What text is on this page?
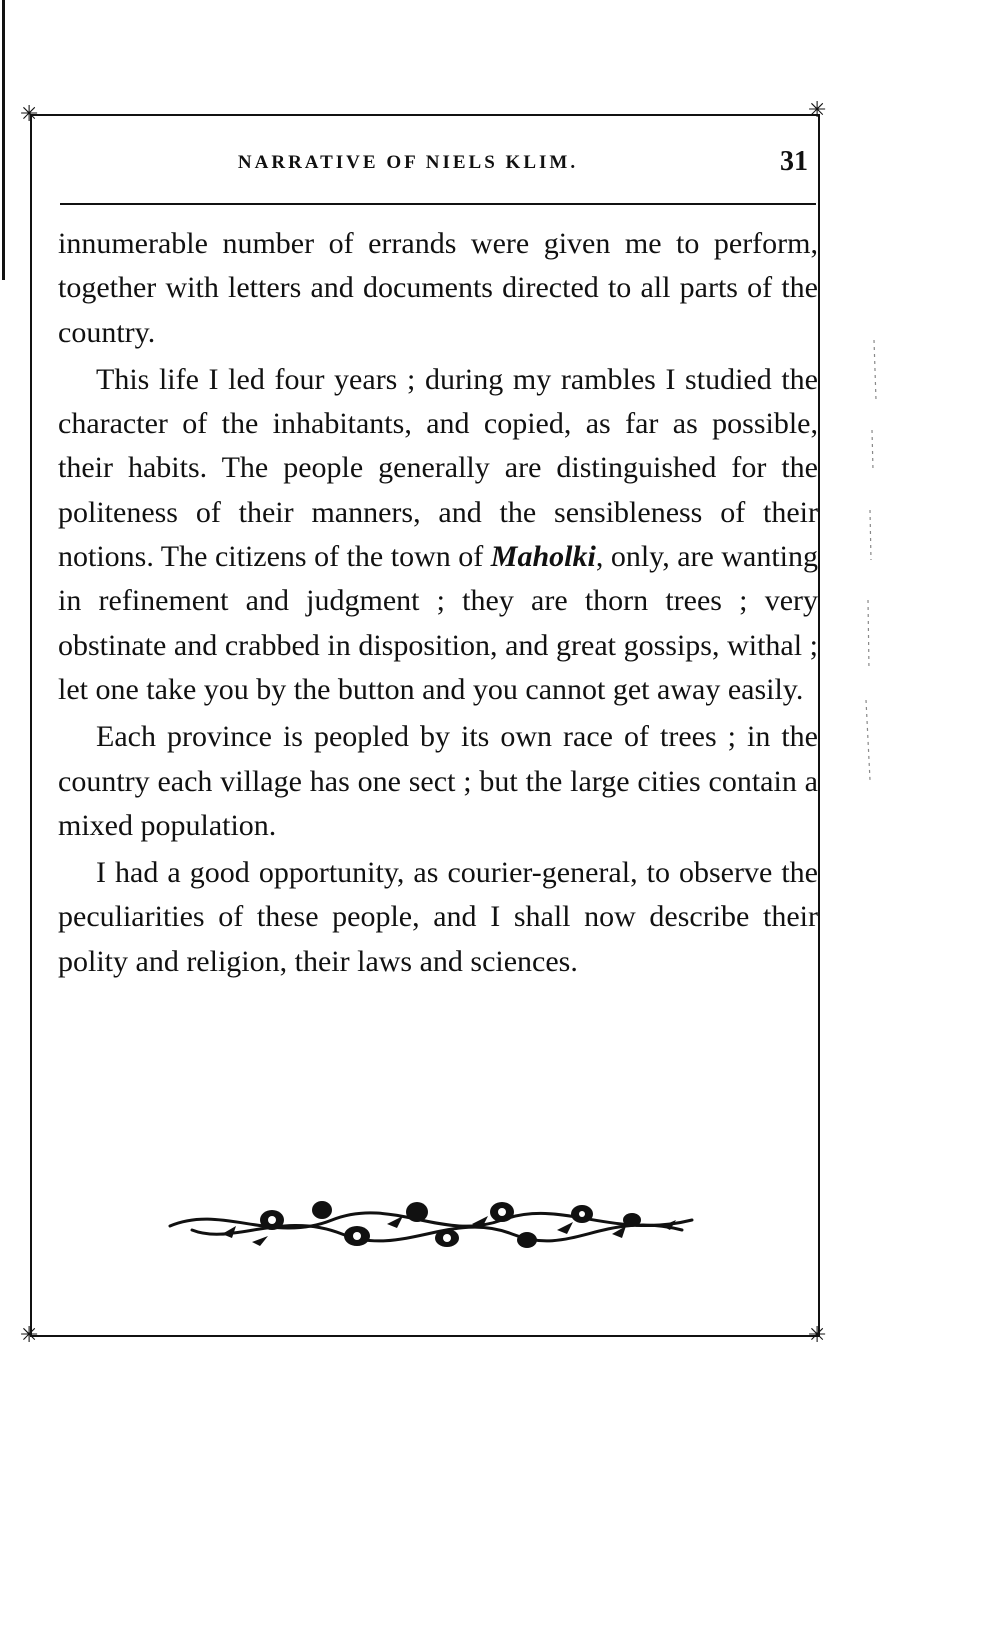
✳	✳
✳	✳
NARRATIVE OF NIELS KLIM.	31

innumerable number of errands were given me to perform, together with letters and documents directed to all parts of the country.

This life I led four years ; during my rambles I studied the character of the inhabitants, and copied, as far as possible, their habits. The people generally are distinguished for the politeness of their manners, and the sensibleness of their notions. The citizens of the town of Maholki, only, are wanting in refinement and judgment ; they are thorn trees ; very obstinate and crabbed in disposition, and great gossips, withal ; let one take you by the button and you cannot get away easily.

Each province is peopled by its own race of trees ; in the country each village has one sect ; but the large cities contain a mixed population.

I had a good opportunity, as courier-general, to observe the peculiarities of these people, and I shall now describe their polity and religion, their laws and sciences.
